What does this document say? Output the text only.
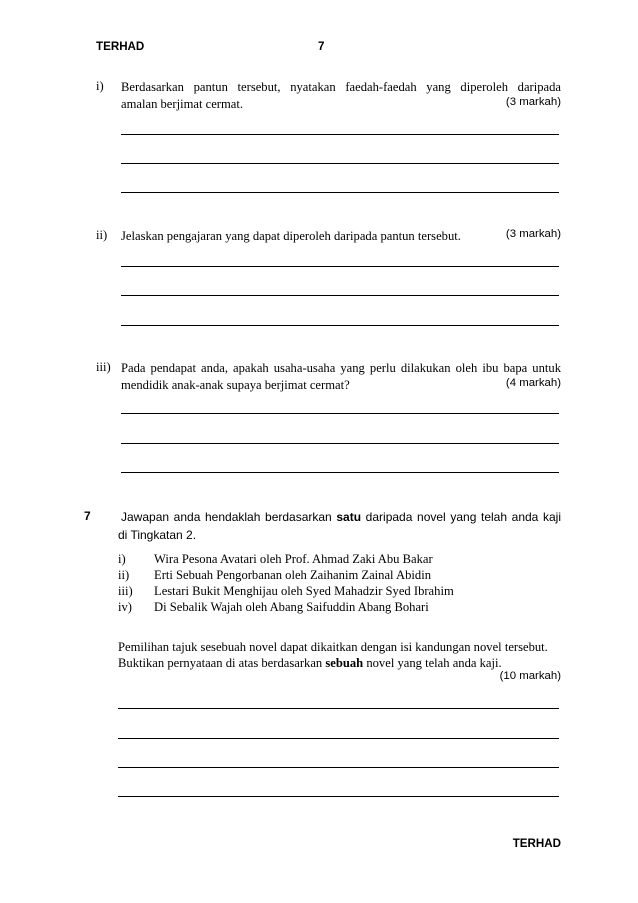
TERHAD	7
i) Berdasarkan pantun tersebut, nyatakan faedah-faedah yang diperoleh daripada
amalan berjimat cermat.	(3 markah)
ii) Jelaskan pengajaran yang dapat diperoleh daripada pantun tersebut.	(3 markah)
iii) Pada pendapat anda, apakah usaha-usaha yang perlu dilakukan oleh ibu bapa untuk
mendidik anak-anak supaya berjimat cermat?	(4 markah)
7	Jawapan anda hendaklah berdasarkan satu daripada novel yang telah anda kaji
di Tingkatan 2.
i) Wira Pesona Avatari oleh Prof. Ahmad Zaki Abu Bakar
ii) Erti Sebuah Pengorbanan oleh Zaihanim Zainal Abidin
iii) Lestari Bukit Menghijau oleh Syed Mahadzir Syed Ibrahim
iv) Di Sebalik Wajah oleh Abang Saifuddin Abang Bohari
Pemilihan tajuk sesebuah novel dapat dikaitkan dengan isi kandungan novel tersebut.
Buktikan pernyataan di atas berdasarkan sebuah novel yang telah anda kaji.
(10 markah)
TERHAD
